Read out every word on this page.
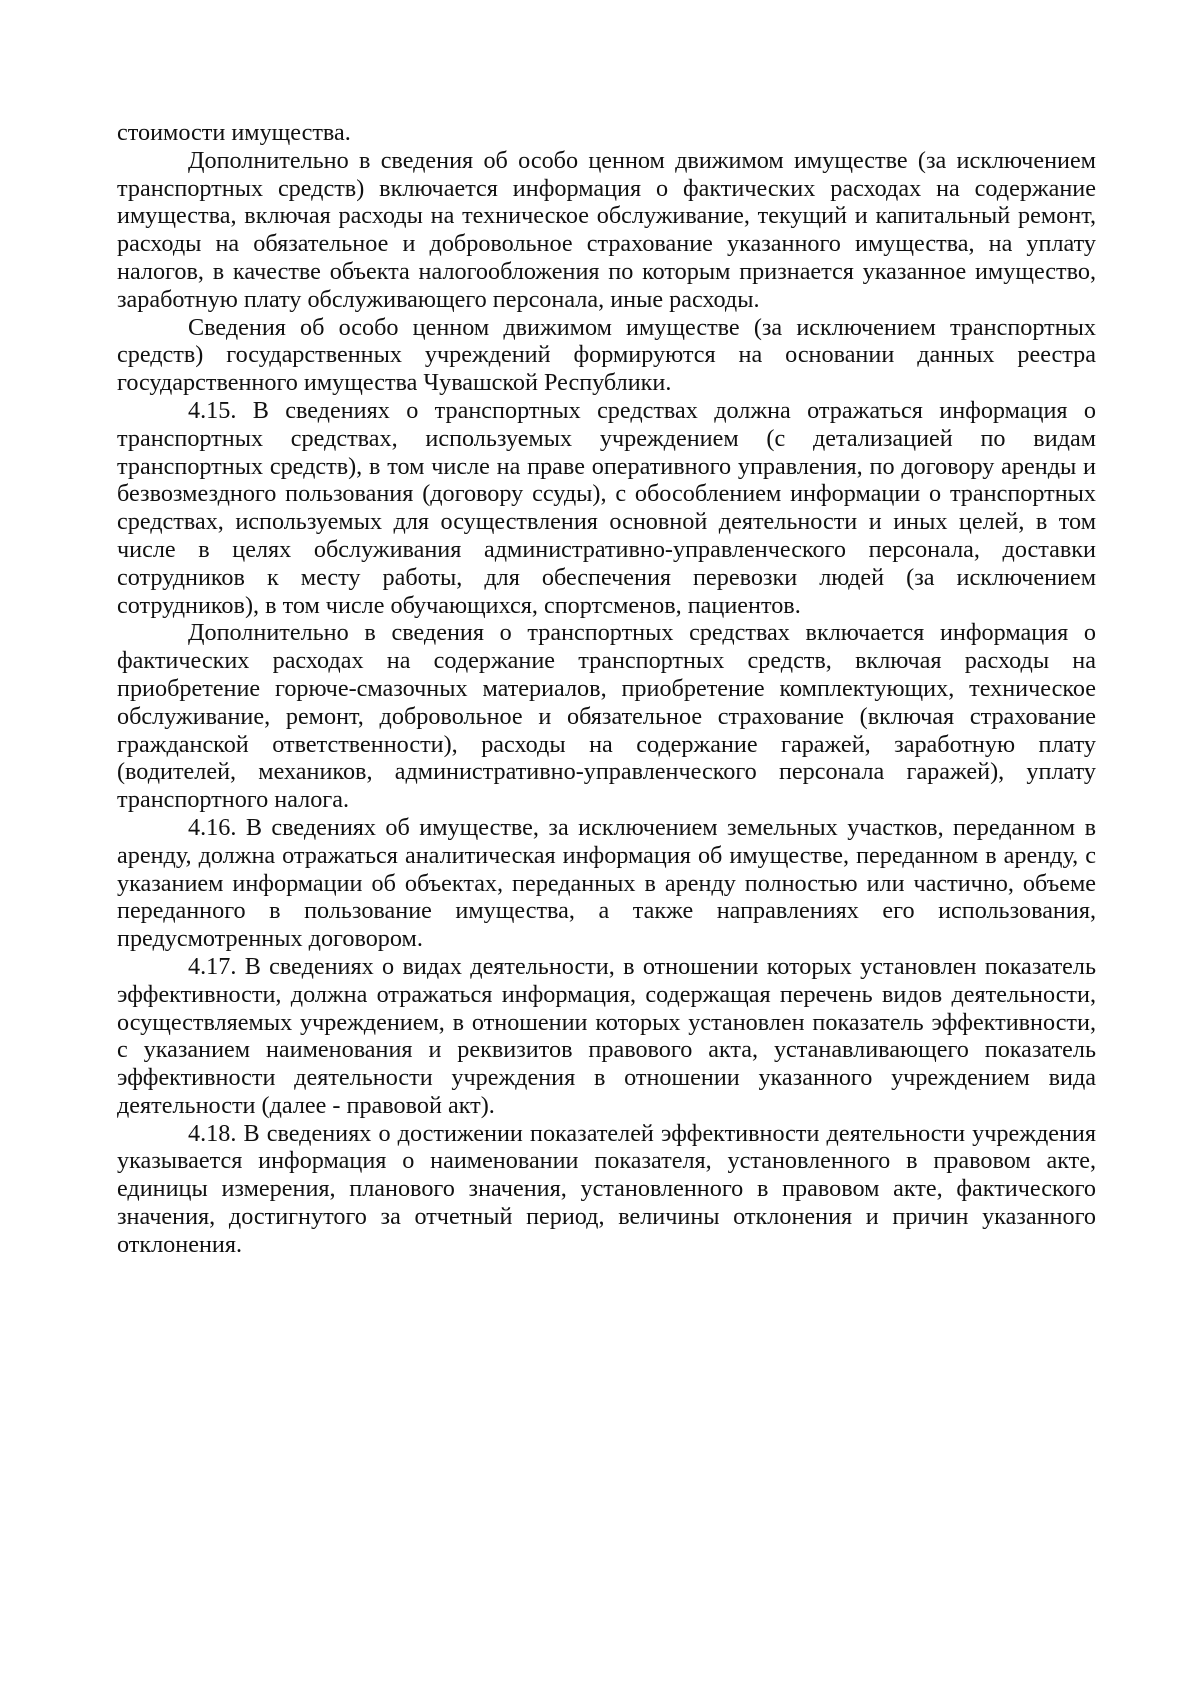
стоимости имущества.

Дополнительно в сведения об особо ценном движимом имуществе (за исключением транспортных средств) включается информация о фактических расходах на содержание имущества, включая расходы на техническое обслуживание, текущий и капитальный ремонт, расходы на обязательное и добровольное страхование указанного имущества, на уплату налогов, в качестве объекта налогообложения по которым признается указанное имущество, заработную плату обслуживающего персонала, иные расходы.

Сведения об особо ценном движимом имуществе (за исключением транспортных средств) государственных учреждений формируются на основании данных реестра государственного имущества Чувашской Республики.

4.15. В сведениях о транспортных средствах должна отражаться информация о транспортных средствах, используемых учреждением (с детализацией по видам транспортных средств), в том числе на праве оперативного управления, по договору аренды и безвозмездного пользования (договору ссуды), с обособлением информации о транспортных средствах, используемых для осуществления основной деятельности и иных целей, в том числе в целях обслуживания административно-управленческого персонала, доставки сотрудников к месту работы, для обеспечения перевозки людей (за исключением сотрудников), в том числе обучающихся, спортсменов, пациентов.

Дополнительно в сведения о транспортных средствах включается информация о фактических расходах на содержание транспортных средств, включая расходы на приобретение горюче-смазочных материалов, приобретение комплектующих, техническое обслуживание, ремонт, добровольное и обязательное страхование (включая страхование гражданской ответственности), расходы на содержание гаражей, заработную плату (водителей, механиков, административно-управленческого персонала гаражей), уплату транспортного налога.

4.16. В сведениях об имуществе, за исключением земельных участков, переданном в аренду, должна отражаться аналитическая информация об имуществе, переданном в аренду, с указанием информации об объектах, переданных в аренду полностью или частично, объеме переданного в пользование имущества, а также направлениях его использования, предусмотренных договором.

4.17. В сведениях о видах деятельности, в отношении которых установлен показатель эффективности, должна отражаться информация, содержащая перечень видов деятельности, осуществляемых учреждением, в отношении которых установлен показатель эффективности, с указанием наименования и реквизитов правового акта, устанавливающего показатель эффективности деятельности учреждения в отношении указанного учреждением вида деятельности (далее - правовой акт).

4.18. В сведениях о достижении показателей эффективности деятельности учреждения указывается информация о наименовании показателя, установленного в правовом акте, единицы измерения, планового значения, установленного в правовом акте, фактического значения, достигнутого за отчетный период, величины отклонения и причин указанного отклонения.
